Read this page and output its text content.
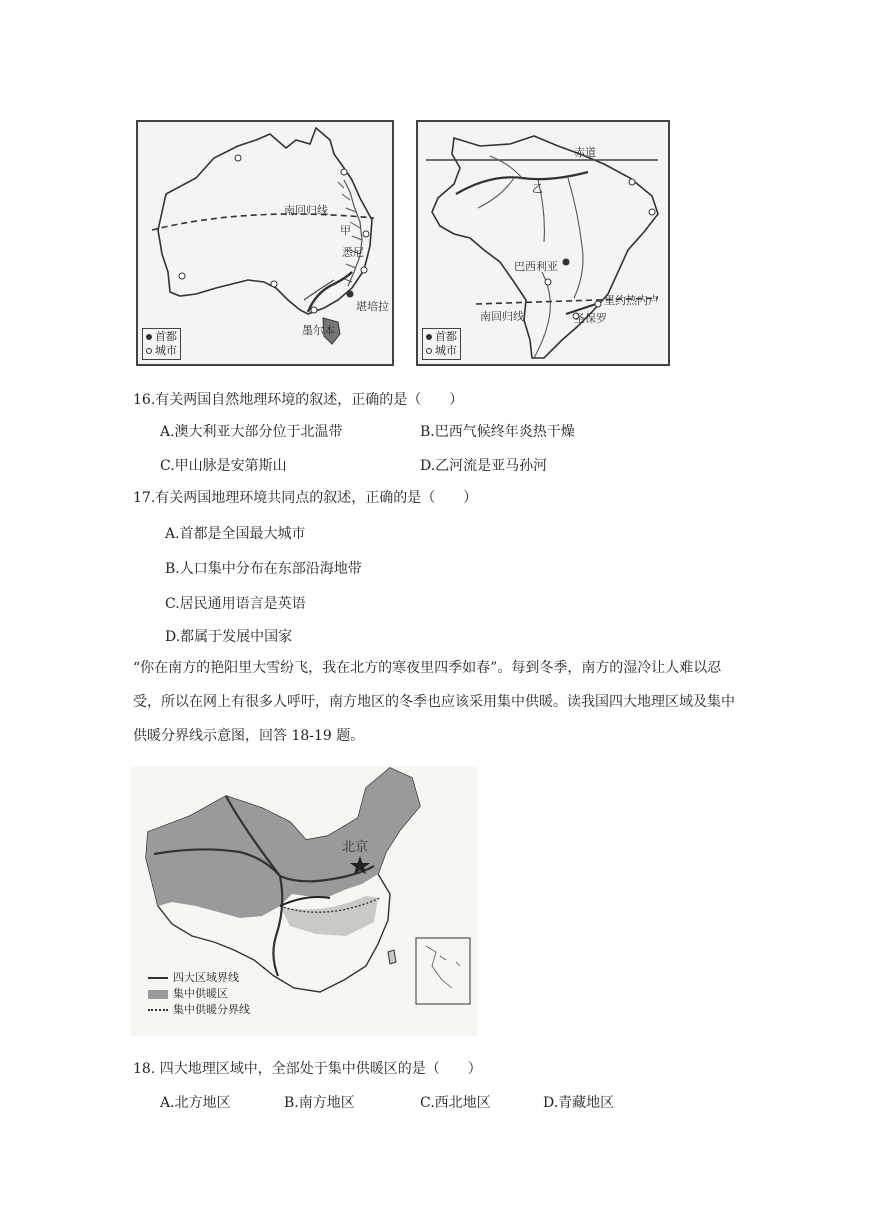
南回归线
甲
悉尼
堪培拉
墨尔本
首都
城市
赤道
乙
巴西利亚
里约热内卢
南回归线	圣保罗
首都
城市
16.有关两国自然地理环境的叙述，正确的是（　　）
A.澳大利亚大部分位于北温带	B.巴西气候终年炎热干燥
C.甲山脉是安第斯山	D.乙河流是亚马孙河
17.有关两国地理环境共同点的叙述，正确的是（　　）
A.首都是全国最大城市
B.人口集中分布在东部沿海地带
C.居民通用语言是英语
D.都属于发展中国家
“你在南方的艳阳里大雪纷飞，我在北方的寒夜里四季如春”。每到冬季，南方的湿冷让人难以忍受，所以在网上有很多人呼吁，南方地区的冬季也应该采用集中供暖。读我国四大地理区域及集中供暖分界线示意图，回答 18-19 题。
北京
四大区域界线
集中供暖区
集中供暖分界线
18. 四大地理区域中，全部处于集中供暖区的是（　　）
A.北方地区	B.南方地区	C.西北地区	D.青藏地区
